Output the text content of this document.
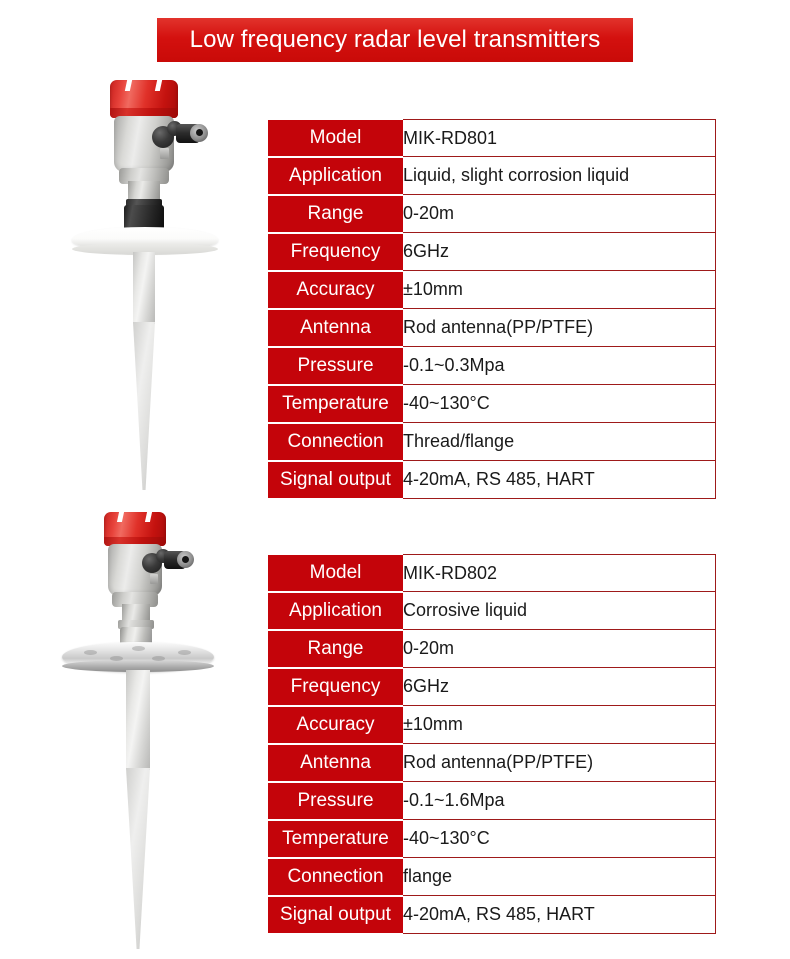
Low frequency radar level transmitters
Model	MIK-RD801
Application	Liquid, slight corrosion liquid
Range	0-20m
Frequency	6GHz
Accuracy	±10mm
Antenna	Rod antenna(PP/PTFE)
Pressure	-0.1~0.3Mpa
Temperature	-40~130°C
Connection	Thread/flange
Signal output	4-20mA, RS 485, HART
Model	MIK-RD802
Application	Corrosive liquid
Range	0-20m
Frequency	6GHz
Accuracy	±10mm
Antenna	Rod antenna(PP/PTFE)
Pressure	-0.1~1.6Mpa
Temperature	-40~130°C
Connection	flange
Signal output	4-20mA, RS 485, HART
